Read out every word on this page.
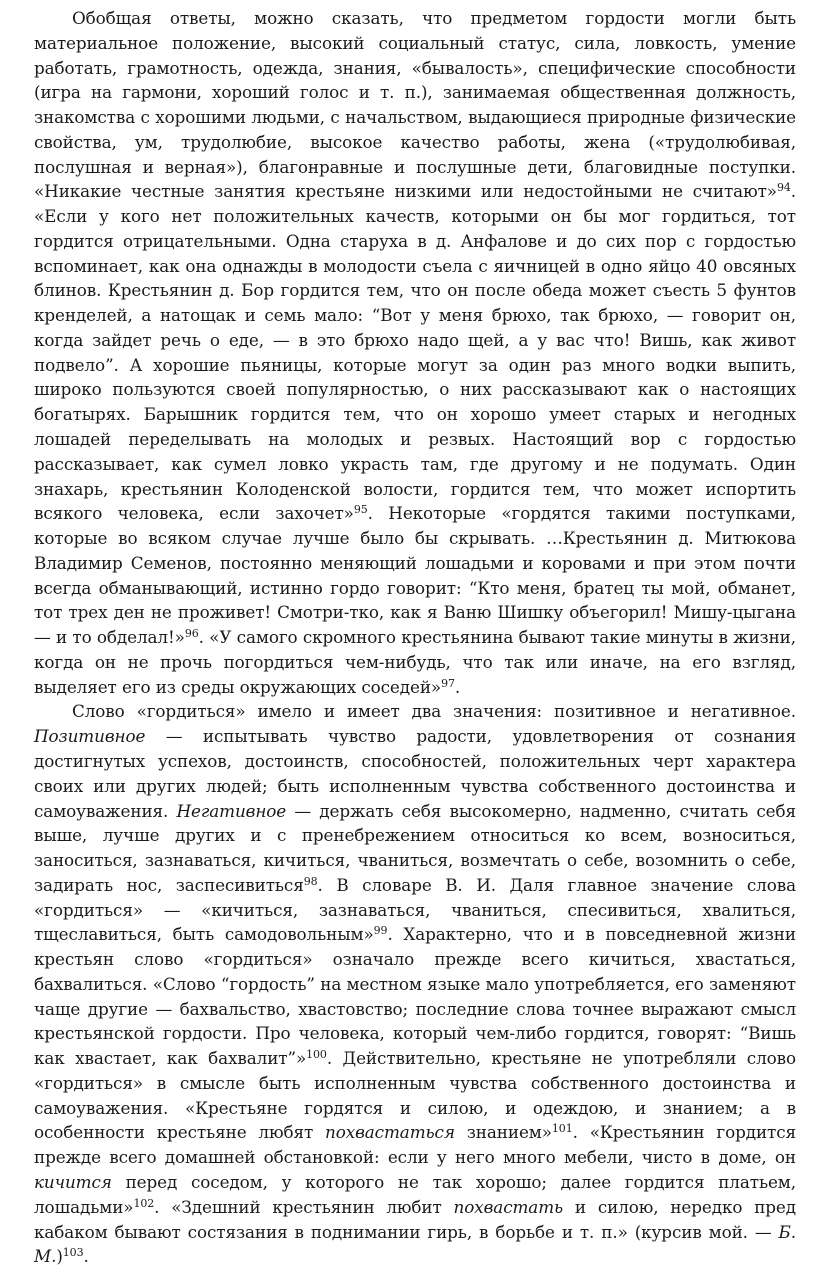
Обобщая ответы, можно сказать, что предметом гордости могли быть материальное положение, высокий социальный статус, сила, ловкость, умение работать, грамотность, одежда, знания, «бывалость», специфические способности (игра на гармони, хороший голос и т. п.), занимаемая общественная должность, знакомства с хорошими людьми, с начальством, выдающиеся природные физические свойства, ум, трудолюбие, высокое качество работы, жена («трудолюбивая, послушная и верная»), благонравные и послушные дети, благовидные поступки. «Никакие честные занятия крестьяне низкими или недостойными не считают»$^{94}$. «Если у кого нет положительных качеств, которыми он бы мог гордиться, тот гордится отрицательными. Одна старуха в д. Анфалове и до сих пор с гордостью вспоминает, как она однажды в молодости съела с яичницей в одно яйцо 40 овсяных блинов. Крестьянин д. Бор гордится тем, что он после обеда может съесть 5 фунтов кренделей, а натощак и семь мало: “Вот у меня брюхо, так брюхо, — говорит он, когда зайдет речь о еде, — в это брюхо надо щей, а у вас что! Вишь, как живот подвело”. А хорошие пьяницы, которые могут за один раз много водки выпить, широко пользуются своей популярностью, о них рассказывают как о настоящих богатырях. Барышник гордится тем, что он хорошо умеет старых и негодных лошадей переделывать на молодых и резвых. Настоящий вор с гордостью рассказывает, как сумел ловко украсть там, где другому и не подумать. Один знахарь, крестьянин Колоденской волости, гордится тем, что может испортить всякого человека, если захочет»$^{95}$. Некоторые «гордятся такими поступками, которые во всяком случае лучше было бы скрывать. …Крестьянин д. Митюкова Владимир Семенов, постоянно меняющий лошадьми и коровами и при этом почти всегда обманывающий, истинно гордо говорит: “Кто меня, братец ты мой, обманет, тот трех ден не проживет! Смотри-тко, как я Ваню Шишку объегорил! Мишу-цыгана — и то обделал!»$^{96}$. «У самого скромного крестьянина бывают такие минуты в жизни, когда он не прочь погордиться чем-нибудь, что так или иначе, на его взгляд, выделяет его из среды окружающих соседей»$^{97}$.

Слово «гордиться» имело и имеет два значения: позитивное и негативное. Позитивное — испытывать чувство радости, удовлетворения от сознания достигнутых успехов, достоинств, способностей, положительных черт характера своих или других людей; быть исполненным чувства собственного достоинства и самоуважения. Негативное — держать себя высокомерно, надменно, считать себя выше, лучше других и с пренебрежением относиться ко всем, возноситься, заноситься, зазнаваться, кичиться, чваниться, возмечтать о себе, возомнить о себе, задирать нос, заспесивиться$^{98}$. В словаре В. И. Даля главное значение слова «гордиться» — «кичиться, зазнаваться, чваниться, спесивиться, хвалиться, тщеславиться, быть самодовольным»$^{99}$. Характерно, что и в повседневной жизни крестьян слово «гордиться» означало прежде всего кичиться, хвастаться, бахвалиться. «Слово “гордость” на местном языке мало употребляется, его заменяют чаще другие — бахвальство, хвастовство; последние слова точнее выражают смысл крестьянской гордости. Про человека, который чем-либо гордится, говорят: “Вишь как хвастает, как бахвалит”»$^{100}$. Действительно, крестьяне не употребляли слово «гордиться» в смысле быть исполненным чувства собственного достоинства и самоуважения. «Крестьяне гордятся и силою, и одеждою, и знанием; а в особенности крестьяне любят похвастаться знанием»$^{101}$. «Крестьянин гордится прежде всего домашней обстановкой: если у него много мебели, чисто в доме, он кичится перед соседом, у которого не так хорошо; далее гордится платьем, лошадьми»$^{102}$. «Здешний крестьянин любит похвастать и силою, нередко пред кабаком бывают состязания в поднимании гирь, в борьбе и т. п.» (курсив мой. — Б. М.)$^{103}$.
